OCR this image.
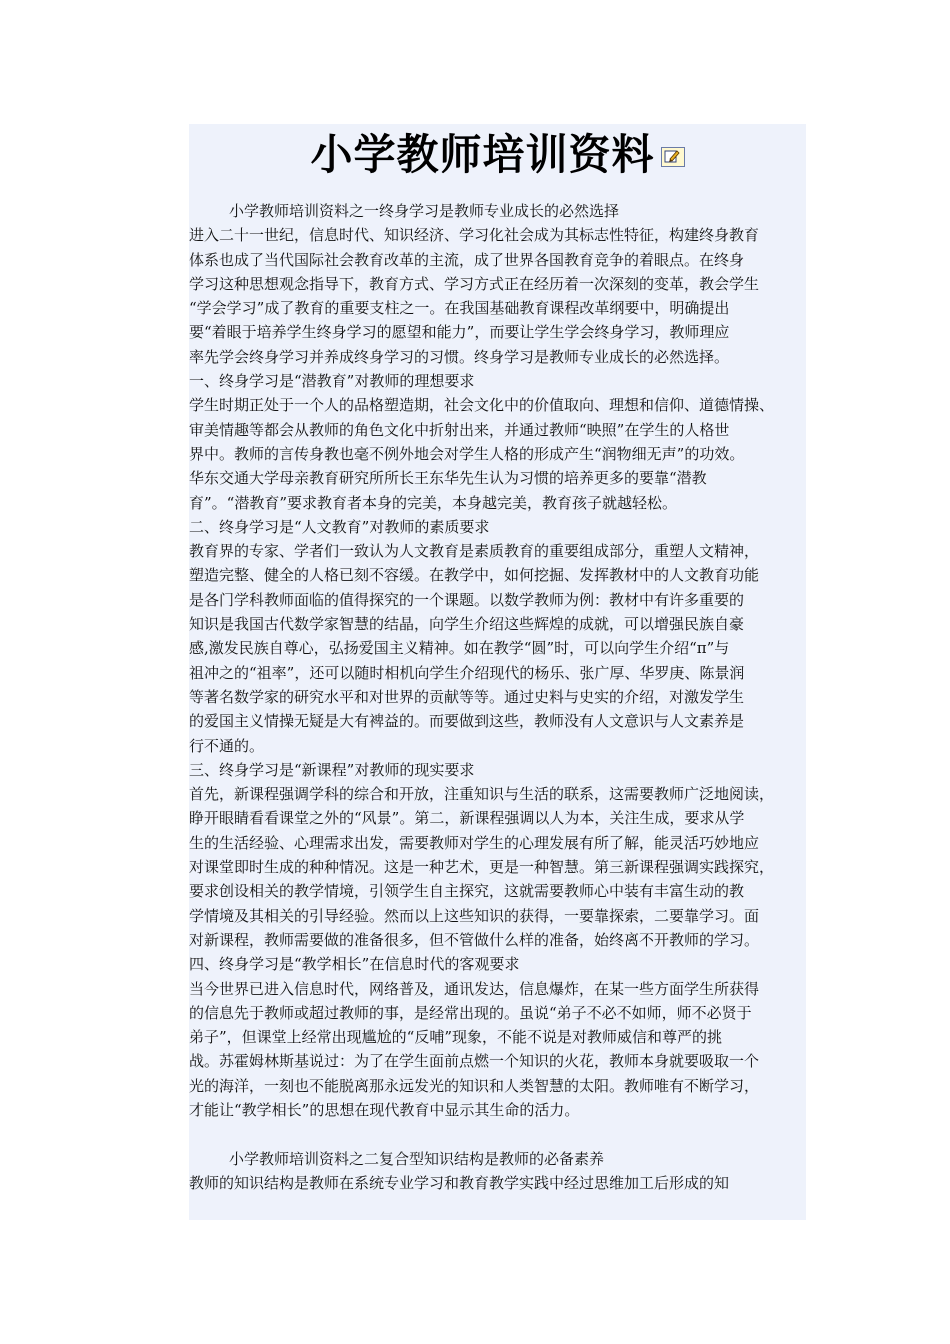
小学教师培训资料
小学教师培训资料之一终身学习是教师专业成长的必然选择
进入二十一世纪，信息时代、知识经济、学习化社会成为其标志性特征，构建终身教育
体系也成了当代国际社会教育改革的主流，成了世界各国教育竞争的着眼点。在终身
学习这种思想观念指导下，教育方式、学习方式正在经历着一次深刻的变革，教会学生
“学会学习”成了教育的重要支柱之一。在我国基础教育课程改革纲要中，明确提出
要“着眼于培养学生终身学习的愿望和能力”，而要让学生学会终身学习，教师理应
率先学会终身学习并养成终身学习的习惯。终身学习是教师专业成长的必然选择。
一、终身学习是“潜教育”对教师的理想要求
学生时期正处于一个人的品格塑造期，社会文化中的价值取向、理想和信仰、道德情操、
审美情趣等都会从教师的角色文化中折射出来，并通过教师“映照”在学生的人格世
界中。教师的言传身教也毫不例外地会对学生人格的形成产生“润物细无声”的功效。
华东交通大学母亲教育研究所所长王东华先生认为习惯的培养更多的要靠“潜教
育”。“潜教育”要求教育者本身的完美，本身越完美，教育孩子就越轻松。
二、终身学习是“人文教育”对教师的素质要求
教育界的专家、学者们一致认为人文教育是素质教育的重要组成部分，重塑人文精神，
塑造完整、健全的人格已刻不容缓。在教学中，如何挖掘、发挥教材中的人文教育功能
是各门学科教师面临的值得探究的一个课题。以数学教师为例：教材中有许多重要的
知识是我国古代数学家智慧的结晶，向学生介绍这些辉煌的成就，可以增强民族自豪
感,激发民族自尊心，弘扬爱国主义精神。如在教学“圆”时，可以向学生介绍“π”与
祖冲之的“祖率”，还可以随时相机向学生介绍现代的杨乐、张广厚、华罗庚、陈景润
等著名数学家的研究水平和对世界的贡献等等。通过史料与史实的介绍，对激发学生
的爱国主义情操无疑是大有裨益的。而要做到这些，教师没有人文意识与人文素养是
行不通的。
三、终身学习是“新课程”对教师的现实要求
首先，新课程强调学科的综合和开放，注重知识与生活的联系，这需要教师广泛地阅读，
睁开眼睛看看课堂之外的“风景”。第二，新课程强调以人为本，关注生成，要求从学
生的生活经验、心理需求出发，需要教师对学生的心理发展有所了解，能灵活巧妙地应
对课堂即时生成的种种情况。这是一种艺术，更是一种智慧。第三新课程强调实践探究，
要求创设相关的教学情境，引领学生自主探究，这就需要教师心中装有丰富生动的教
学情境及其相关的引导经验。然而以上这些知识的获得，一要靠探索，二要靠学习。面
对新课程，教师需要做的准备很多，但不管做什么样的准备，始终离不开教师的学习。
四、终身学习是“教学相长”在信息时代的客观要求
当今世界已进入信息时代，网络普及，通讯发达，信息爆炸，在某一些方面学生所获得
的信息先于教师或超过教师的事，是经常出现的。虽说“弟子不必不如师，师不必贤于
弟子”，但课堂上经常出现尴尬的“反哺”现象，不能不说是对教师威信和尊严的挑
战。苏霍姆林斯基说过：为了在学生面前点燃一个知识的火花，教师本身就要吸取一个
光的海洋，一刻也不能脱离那永远发光的知识和人类智慧的太阳。教师唯有不断学习，
才能让“教学相长”的思想在现代教育中显示其生命的活力。
小学教师培训资料之二复合型知识结构是教师的必备素养
教师的知识结构是教师在系统专业学习和教育教学实践中经过思维加工后形成的知
